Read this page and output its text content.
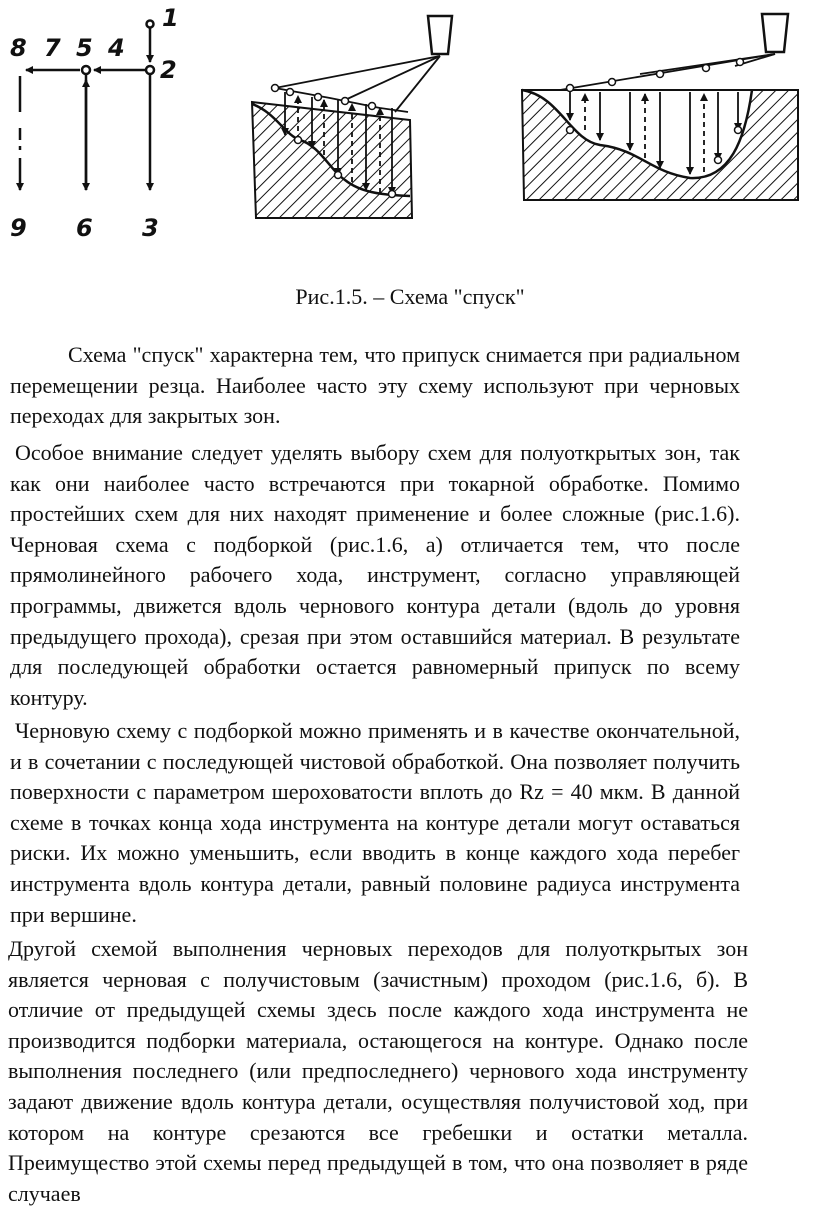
1
2
3
4
5
6
7
8
9
Рис.1.5. – Схема "спуск"

Схема "спуск" характерна тем, что припуск снимается при радиальном перемещении резца. Наиболее часто эту схему используют при черновых переходах для закрытых зон.

Особое внимание следует уделять выбору схем для полуоткрытых зон, так как они наиболее часто встречаются при токарной обработке. Помимо простейших схем для них находят применение и более сложные (рис.1.6). Черновая схема с подборкой (рис.1.6, а) отличается тем, что после прямолинейного рабочего хода, инструмент, согласно управляющей программы, движется вдоль чернового контура детали (вдоль до уровня предыдущего прохода), срезая при этом оставшийся материал. В результате для последующей обработки остается равномерный припуск по всему контуру.

Черновую схему с подборкой можно применять и в качестве окончательной, и в сочетании с последующей чистовой обработкой. Она позволяет получить поверхности с параметром шероховатости вплоть до Rz = 40 мкм. В данной схеме в точках конца хода инструмента на контуре детали могут оставаться риски. Их можно уменьшить, если вводить в конце каждого хода перебег инструмента вдоль контура детали, равный половине радиуса инструмента при вершине.

Другой схемой выполнения черновых переходов для полуоткрытых зон является черновая с получистовым (зачистным) проходом (рис.1.6, б). В отличие от предыдущей схемы здесь после каждого хода инструмента не производится подборки материала, остающегося на контуре. Однако после выполнения последнего (или предпоследнего) чернового хода инструменту задают движение вдоль контура детали, осуществляя получистовой ход, при котором на контуре срезаются все гребешки и остатки металла. Преимущество этой схемы перед предыдущей в том, что она позволяет в ряде случаев
